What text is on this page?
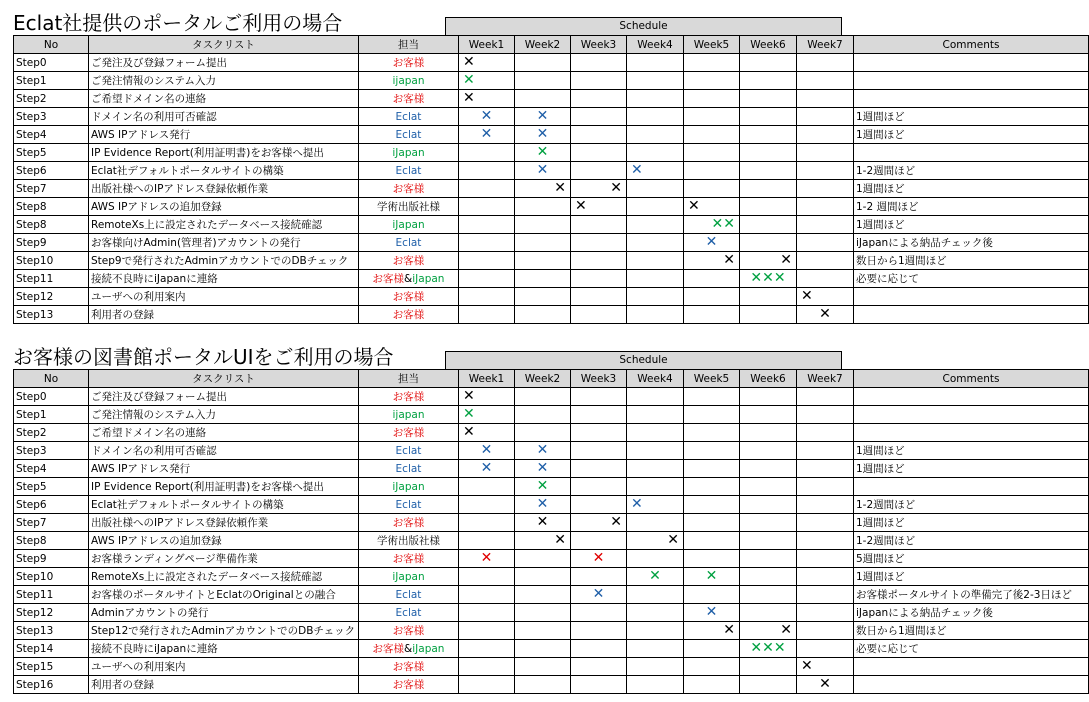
Eclat社提供のポータルご利用の場合	Schedule
No	タスクリスト	担当	Week1	Week2	Week3	Week4	Week5	Week6	Week7	Comments
Step0	ご発注及び登録フォーム提出	お客様	✕							
Step1	ご発注情報のシステム入力	ijapan	✕							
Step2	ご希望ドメイン名の連絡	お客様	✕							
Step3	ドメイン名の利用可否確認	Eclat	✕	✕						1週間ほど
Step4	AWS IPアドレス発行	Eclat	✕	✕						1週間ほど
Step5	IP Evidence Report(利用証明書)をお客様へ提出	iJapan		✕						
Step6	Eclat社デフォルトポータルサイトの構築	Eclat		✕		✕				1-2週間ほど
Step7	出版社様へのIPアドレス登録依頼作業	お客様		✕	✕					1週間ほど
Step8	AWS IPアドレスの追加登録	学術出版社様			✕		✕			1-2 週間ほど
Step8	RemoteXs上に設定されたデータベース接続確認	iJapan					✕✕			1週間ほど
Step9	お客様向けAdmin(管理者)アカウントの発行	Eclat					✕			iJapanによる納品チェック後
Step10	Step9で発行されたAdminアカウントでのDBチェック	お客様					✕	✕		数日から1週間ほど
Step11	接続不良時にiJapanに連絡	お客様&iJapan						✕✕✕		必要に応じて
Step12	ユーザへの利用案内	お客様							✕	
Step13	利用者の登録	お客様							✕	
お客様の図書館ポータルUIをご利用の場合	Schedule
No	タスクリスト	担当	Week1	Week2	Week3	Week4	Week5	Week6	Week7	Comments
Step0	ご発注及び登録フォーム提出	お客様	✕							
Step1	ご発注情報のシステム入力	ijapan	✕							
Step2	ご希望ドメイン名の連絡	お客様	✕							
Step3	ドメイン名の利用可否確認	Eclat	✕	✕						1週間ほど
Step4	AWS IPアドレス発行	Eclat	✕	✕						1週間ほど
Step5	IP Evidence Report(利用証明書)をお客様へ提出	iJapan		✕						
Step6	Eclat社デフォルトポータルサイトの構築	Eclat		✕		✕				1-2週間ほど
Step7	出版社様へのIPアドレス登録依頼作業	お客様		✕	✕					1週間ほど
Step8	AWS IPアドレスの追加登録	学術出版社様		✕		✕				1-2週間ほど
Step9	お客様ランディングページ準備作業	お客様	✕		✕					5週間ほど
Step10	RemoteXs上に設定されたデータベース接続確認	iJapan				✕	✕			1週間ほど
Step11	お客様のポータルサイトとEclatのOriginalとの融合	Eclat			✕					お客様ポータルサイトの準備完了後2-3日ほど
Step12	Adminアカウントの発行	Eclat					✕			iJapanによる納品チェック後
Step13	Step12で発行されたAdminアカウントでのDBチェック	お客様					✕	✕		数日から1週間ほど
Step14	接続不良時にiJapanに連絡	お客様&iJapan						✕✕✕		必要に応じて
Step15	ユーザへの利用案内	お客様							✕	
Step16	利用者の登録	お客様							✕	
